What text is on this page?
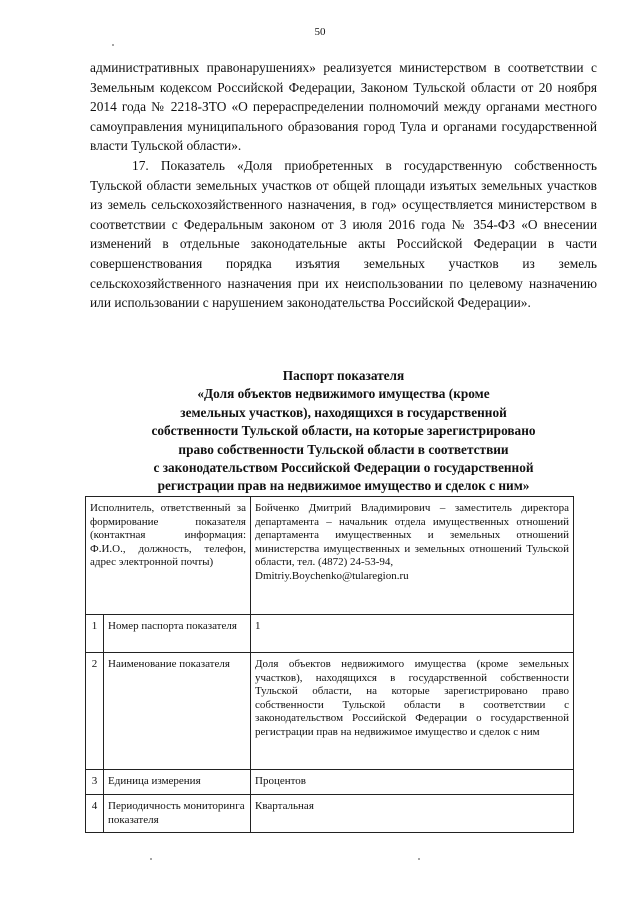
50

административных правонарушениях» реализуется министерством в соответствии с Земельным кодексом Российской Федерации, Законом Тульской области от 20 ноября 2014 года № 2218-ЗТО «О перераспределении полномочий между органами местного самоуправления муниципального образования город Тула и органами государственной власти Тульской области».

17. Показатель «Доля приобретенных в государственную собственность Тульской области земельных участков от общей площади изъятых земельных участков из земель сельскохозяйственного назначения, в год» осуществляется министерством в соответствии с Федеральным законом от 3 июля 2016 года № 354-ФЗ «О внесении изменений в отдельные законодательные акты Российской Федерации в части совершенствования порядка изъятия земельных участков из земель сельскохозяйственного назначения при их неиспользовании по целевому назначению или использовании с нарушением законодательства Российской Федерации».

Паспорт показателя
«Доля объектов недвижимого имущества (кроме
земельных участков), находящихся в государственной
собственности Тульской области, на которые зарегистрировано
право собственности Тульской области в соответствии
с законодательством Российской Федерации о государственной
регистрации прав на недвижимое имущество и сделок с ним»
Исполнитель, ответственный за формирование показателя (контактная информация: Ф.И.О., должность, телефон, адрес электронной почты)		Бойченко Дмитрий Владимирович – заместитель директора департамента – начальник отдела имущественных отношений департамента имущественных и земельных отношений министерства имущественных и земельных отношений Тульской области, тел. (4872) 24-53-94,
Dmitriy.Boychenko@tularegion.ru
1	Номер паспорта показателя	1
2	Наименование показателя	Доля объектов недвижимого имущества (кроме земельных участков), находящихся в государственной собственности Тульской области, на которые зарегистрировано право собственности Тульской области в соответствии с законодательством Российской Федерации о государственной регистрации прав на недвижимое имущество и сделок с ним
3	Единица измерения	Процентов
4	Периодичность мониторинга показателя	Квартальная
